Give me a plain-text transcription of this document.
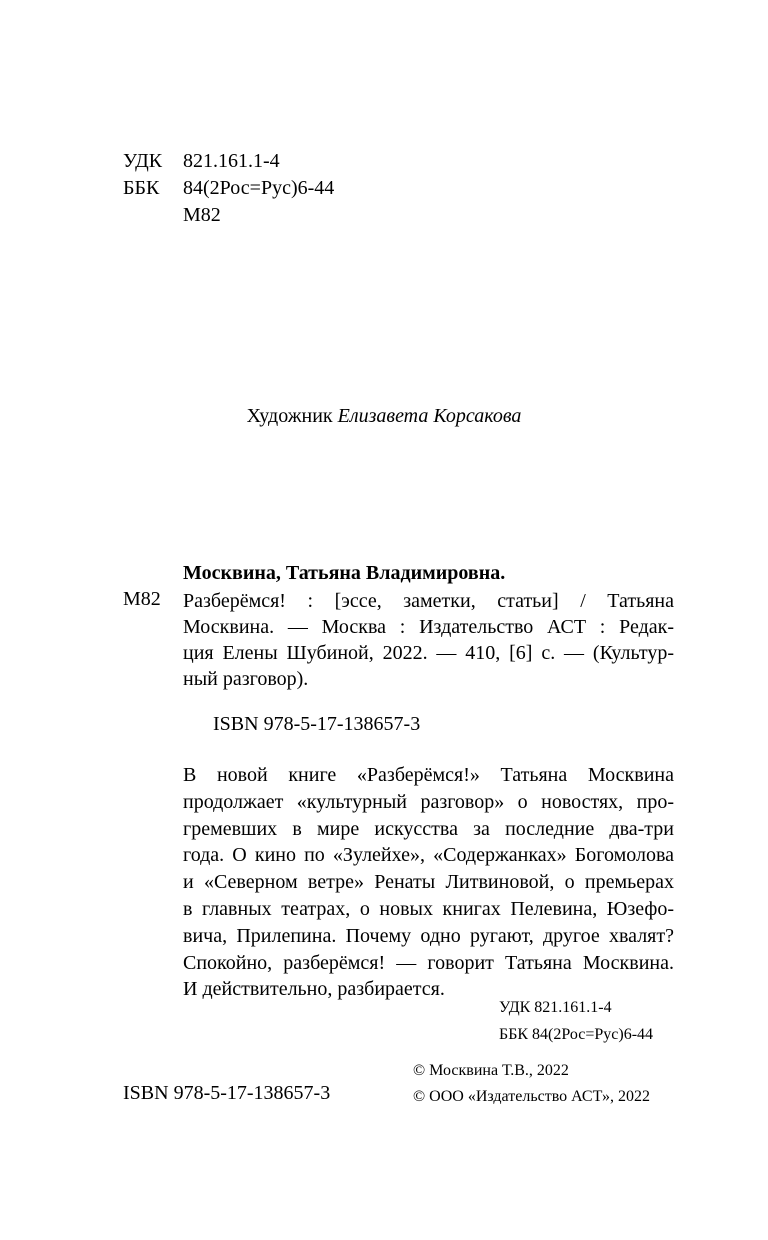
УДК	821.161.1-4
ББК	84(2Рос=Рус)6-44
М82
Художник Елизавета Корсакова
Москвина, Татьяна Владимировна.
М82 Разберёмся! : [эссе, заметки, статьи] / Татьяна
Москвина. — Москва : Издательство АСТ : Редак-
ция Елены Шубиной, 2022. — 410, [6] с. — (Культур-
ный разговор).
ISBN 978-5-17-138657-3
В новой книге «Разберёмся!» Татьяна Москвина
продолжает «культурный разговор» о новостях, про-
гремевших в мире искусства за последние два-три
года. О кино по «Зулейхе», «Содержанках» Богомолова
и «Северном ветре» Ренаты Литвиновой, о премьерах
в главных театрах, о новых книгах Пелевина, Юзефо-
вича, Прилепина. Почему одно ругают, другое хвалят?
Спокойно, разберёмся! — говорит Татьяна Москвина.
И действительно, разбирается.
УДК 821.161.1-4
ББК 84(2Рос=Рус)6-44
ISBN 978-5-17-138657-3
© Москвина Т.В., 2022
© ООО «Издательство АСТ», 2022
